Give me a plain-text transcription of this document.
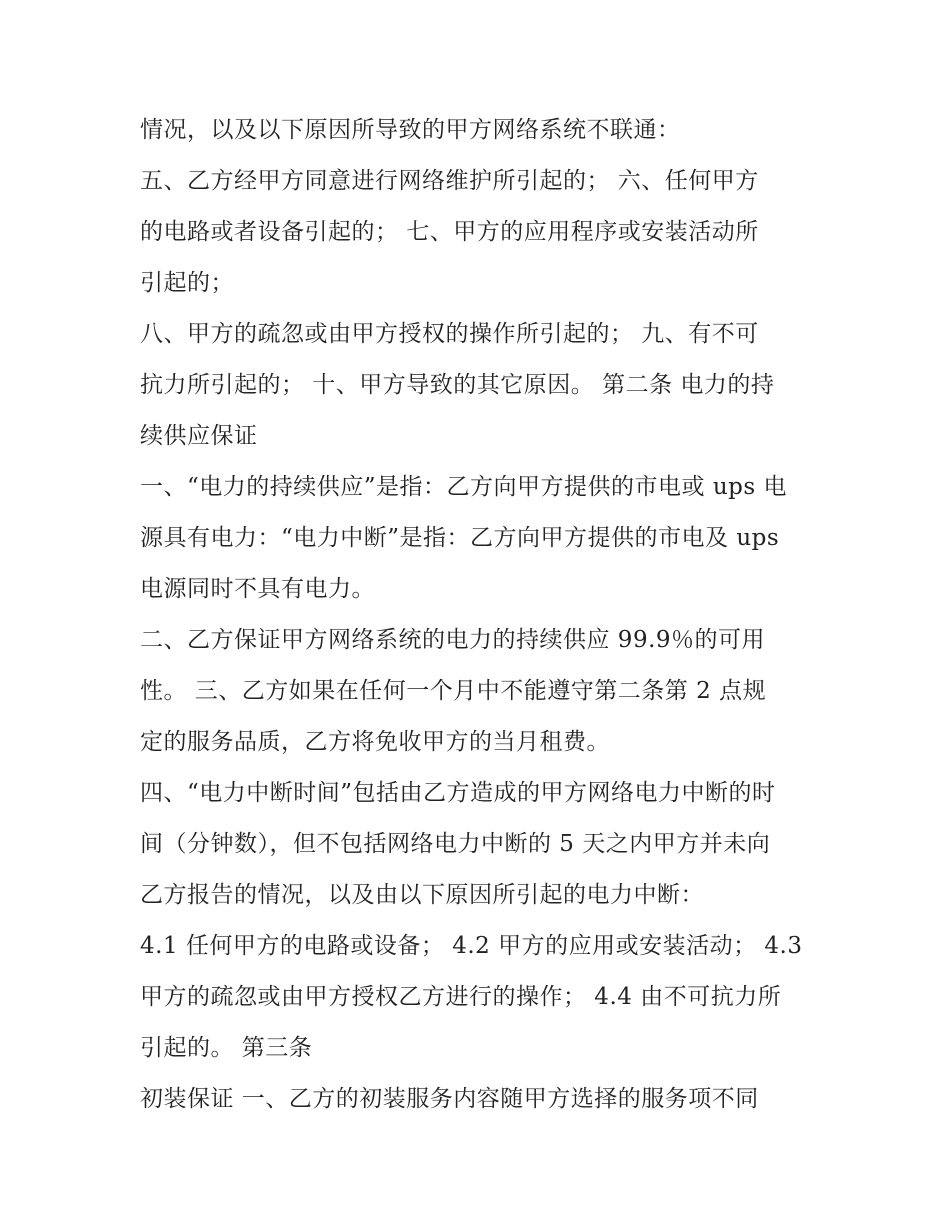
情况，以及以下原因所导致的甲方网络系统不联通：
五、乙方经甲方同意进行网络维护所引起的； 六、任何甲方
的电路或者设备引起的； 七、甲方的应用程序或安装活动所
引起的；
八、甲方的疏忽或由甲方授权的操作所引起的； 九、有不可
抗力所引起的； 十、甲方导致的其它原因。 第二条 电力的持
续供应保证
一、“电力的持续供应”是指：乙方向甲方提供的市电或 ups 电
源具有电力：“电力中断”是指：乙方向甲方提供的市电及 ups
电源同时不具有电力。
二、乙方保证甲方网络系统的电力的持续供应 99.9％的可用
性。 三、乙方如果在任何一个月中不能遵守第二条第 2 点规
定的服务品质，乙方将免收甲方的当月租费。
四、“电力中断时间”包括由乙方造成的甲方网络电力中断的时
间（分钟数），但不包括网络电力中断的 5 天之内甲方并未向
乙方报告的情况，以及由以下原因所引起的电力中断：
4.1 任何甲方的电路或设备； 4.2 甲方的应用或安装活动； 4.3
甲方的疏忽或由甲方授权乙方进行的操作； 4.4 由不可抗力所
引起的。 第三条
初装保证 一、乙方的初装服务内容随甲方选择的服务项不同
